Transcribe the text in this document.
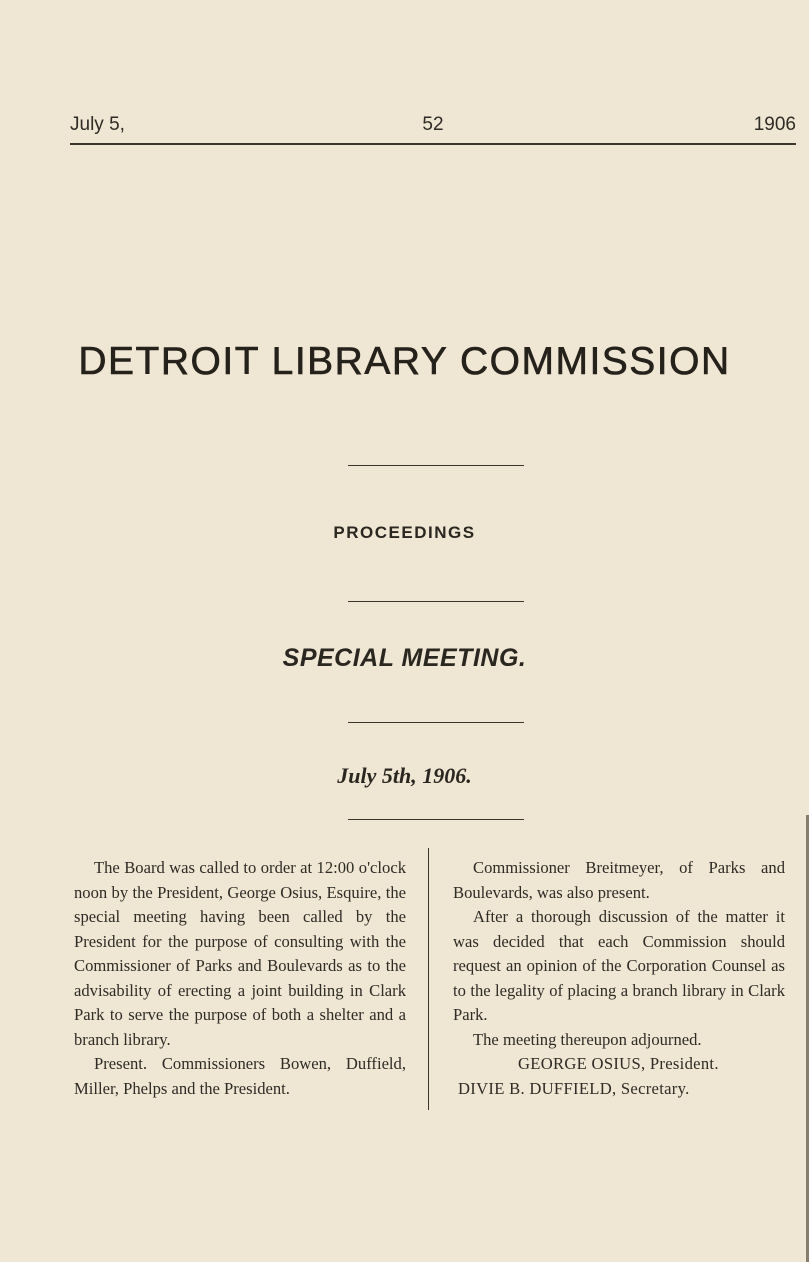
July 5,	52	1906
DETROIT LIBRARY COMMISSION
PROCEEDINGS
SPECIAL MEETING.
July 5th, 1906.

The Board was called to order at 12:00 o'clock noon by the President, George Osius, Esquire, the special meeting having been called by the President for the purpose of consulting with the Commissioner of Parks and Boulevards as to the advisability of erecting a joint building in Clark Park to serve the purpose of both a shelter and a branch library.

Present. Commissioners Bowen, Duffield, Miller, Phelps and the President.

Commissioner Breitmeyer, of Parks and Boulevards, was also present.

After a thorough discussion of the matter it was decided that each Commission should request an opinion of the Corporation Counsel as to the legality of placing a branch library in Clark Park.

The meeting thereupon adjourned.

GEORGE OSIUS, President.

DIVIE B. DUFFIELD, Secretary.
